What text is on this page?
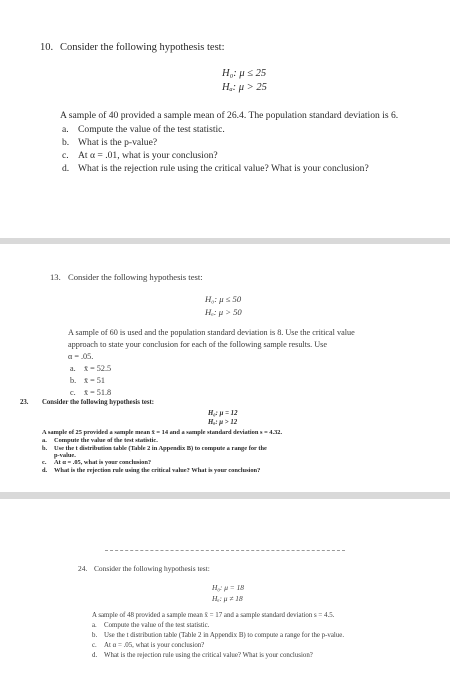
10. Consider the following hypothesis test:
H₀: μ ≤ 25
Hₐ: μ > 25
A sample of 40 provided a sample mean of 26.4. The population standard deviation is 6.
a. Compute the value of the test statistic.
b. What is the p-value?
c. At α = .01, what is your conclusion?
d. What is the rejection rule using the critical value? What is your conclusion?
13. Consider the following hypothesis test:
H₀: μ ≤ 50
Hₐ: μ > 50
A sample of 60 is used and the population standard deviation is 8. Use the critical value
approach to state your conclusion for each of the following sample results. Use
α = .05.
a. x̄ = 52.5
b. x̄ = 51
c. x̄ = 51.8
23. Consider the following hypothesis test:
H₀: μ = 12
Hₐ: μ > 12
A sample of 25 provided a sample mean x̄ = 14 and a sample standard deviation s = 4.32.
a. Compute the value of the test statistic.
b. Use the t distribution table (Table 2 in Appendix B) to compute a range for the
p-value.
c. At α = .05, what is your conclusion?
d. What is the rejection rule using the critical value? What is your conclusion?
24. Consider the following hypothesis test:
H₀: μ = 18
Hₐ: μ ≠ 18
A sample of 48 provided a sample mean x̄ = 17 and a sample standard deviation s = 4.5.
a. Compute the value of the test statistic.
b. Use the t distribution table (Table 2 in Appendix B) to compute a range for the p-value.
c. At α = .05, what is your conclusion?
d. What is the rejection rule using the critical value? What is your conclusion?
